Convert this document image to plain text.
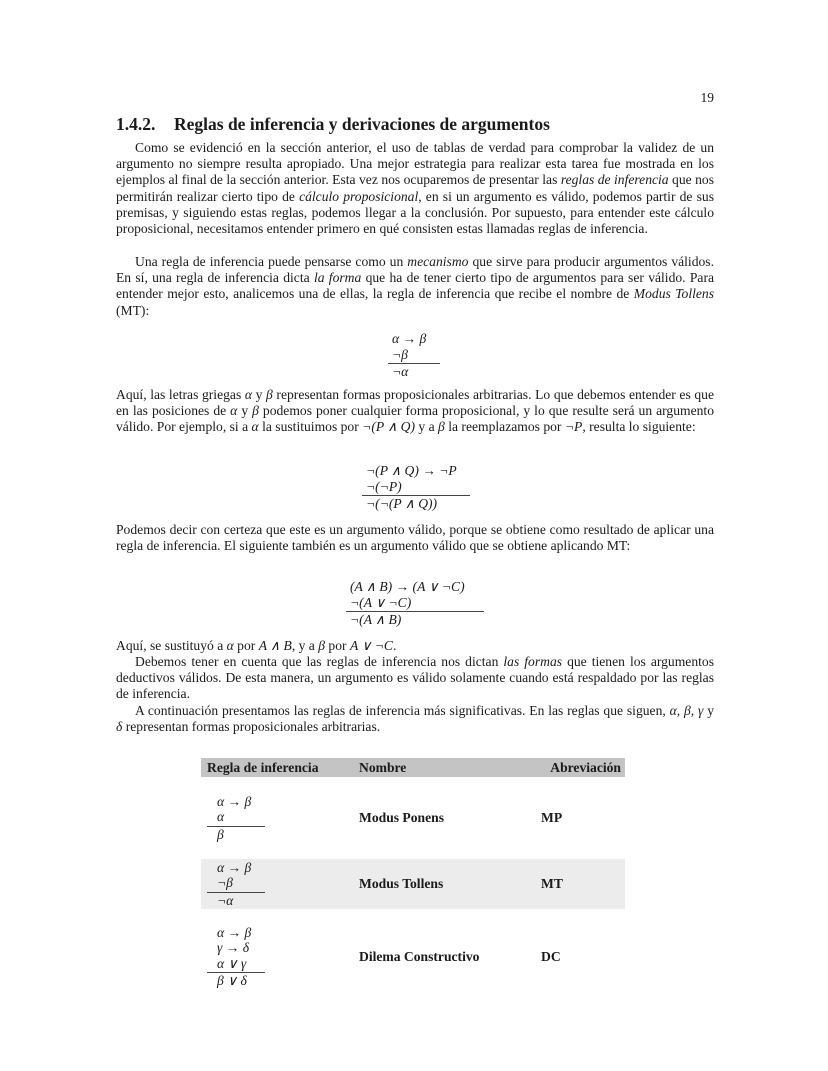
19
1.4.2. Reglas de inferencia y derivaciones de argumentos

Como se evidenció en la sección anterior, el uso de tablas de verdad para comprobar la validez de un argumento no siempre resulta apropiado. Una mejor estrategia para realizar esta tarea fue mostrada en los ejemplos al final de la sección anterior. Esta vez nos ocuparemos de presentar las reglas de inferencia que nos permitirán realizar cierto tipo de cálculo proposicional, en si un argumento es válido, podemos partir de sus premisas, y siguiendo estas reglas, podemos llegar a la conclusión. Por supuesto, para entender este cálculo proposicional, necesitamos entender primero en qué consisten estas llamadas reglas de inferencia.

Una regla de inferencia puede pensarse como un mecanismo que sirve para producir argumentos válidos. En sí, una regla de inferencia dicta la forma que ha de tener cierto tipo de argumentos para ser válido. Para entender mejor esto, analicemos una de ellas, la regla de inferencia que recibe el nombre de Modus Tollens (MT):

α → β
¬β
¬α

Aquí, las letras griegas α y β representan formas proposicionales arbitrarias. Lo que debemos entender es que en las posiciones de α y β podemos poner cualquier forma proposicional, y lo que resulte será un argumento válido. Por ejemplo, si a α la sustituimos por ¬(P ∧ Q) y a β la reemplazamos por ¬P, resulta lo siguiente:

¬(P ∧ Q) → ¬P
¬(¬P)
¬(¬(P ∧ Q))

Podemos decir con certeza que este es un argumento válido, porque se obtiene como resultado de aplicar una regla de inferencia. El siguiente también es un argumento válido que se obtiene aplicando MT:

(A ∧ B) → (A ∨ ¬C)
¬(A ∨ ¬C)
¬(A ∧ B)

Aquí, se sustituyó a α por A ∧ B, y a β por A ∨ ¬C.

Debemos tener en cuenta que las reglas de inferencia nos dictan las formas que tienen los argumentos deductivos válidos. De esta manera, un argumento es válido solamente cuando está respaldado por las reglas de inferencia.

A continuación presentamos las reglas de inferencia más significativas. En las reglas que siguen, α, β, γ y δ representan formas proposicionales arbitrarias.

Regla de inferencia	Nombre	Abreviación

α → β
α
β	Modus Ponens	MP

α → β
¬β
¬α	Modus Tollens	MT

α → β
γ → δ
α ∨ γ
β ∨ δ	Dilema Constructivo	DC
